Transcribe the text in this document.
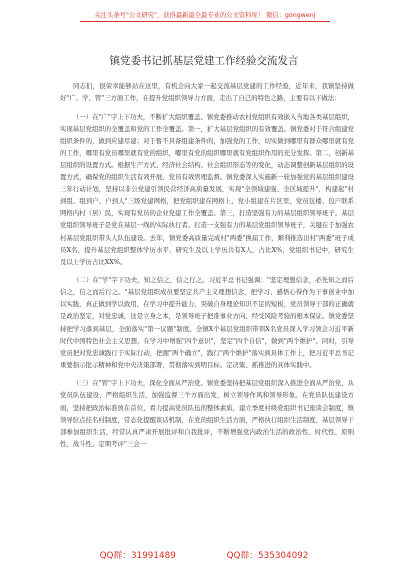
关注头条号"公文研究"，获得最新最全最专业的公文资料库！ 微信：gongwenj
镇党委书记抓基层党建工作经验交流发言

同志们，很荣幸能够站在这里，有机会向大家一起交流基层党建的工作经验，近年来，我镇坚持做好"广、学、管"三方面工作，在提升党组织领导力方面，走出了自己的特色之路，主要有以下做法：

（一）在"广"字上下功夫，不断扩大组织覆盖。镇党委推动农村党组织有效嵌入当地各类基层组织，实现基层党组织的全覆盖和党的工作全覆盖。第一，扩大基层党组织的有效覆盖。镇党委对于符合组建党组织条件的，做到应建尽建；对于暂不具备组建条件的，加强党的工作，切实做到哪里有群众哪里就有党的工作，哪里有党员哪里就有党的组织，哪里有党的组织哪里就有党组织作用的充分发挥。第二，创新基层组织的设置方式。根据生产方式、经济社会结构、社会组织形态等的变化，动态调整创新基层组织的设置方式，确保党的组织生活有效开展、党员有效管理监督。镇党委深入实施新一轮加强党的基层组织建设三年行动计划，坚持以非公党建引领民营经济高质量发展，实现"全领域建强、全区域提升"，构建起"村到组、组到户、户到人"三级党建网格，把党组织建在网格上、党小组建在片区里，党员包楼、包户联系网格内村（居）民，实现有党员的企业党建工作全覆盖。第三，打造坚强有力的基层组织领导班子。基层党组织领导班子是党在基层一线的实际执行者。打造一支强有力的基层党组织领导班子，关键在于加强农村基层党组织带头人队伍建设。去年，镇党委高质量完成村"两委"换届工作，顺利推选出村"两委"班子成员X名，提升基层党组织整体学历水平，研究生及以上学历共有X人，占比X%，党组织书记中，研究生及以上学历占比XX%。

（二）在"学"字下功夫，知之信之，信之行之。习近平总书记强调："坚定理想信念，必先知之而后信之，信之而后行之。"基层党组织成员要坚定共产主义理想信念，把学习、感悟心得作为干事创业中加以实践，真正做到学以致用，在学习中提升能力，突破自身理论知识不足的短板，党员领导干部的正确就是政治坚定，对党忠诚，这是立身之本，是领导班子把准事业方向、经受风险考验的根本保证。镇党委坚持把学习落到基层，全面落实"第一议题"制度。全镇X个基层党组织带领X名党员深入学习领会习近平新时代中国特色社会主义思想，在学习中增强"四个意识"，坚定"四个自信"，做到"两个维护"。同时，引导党员把对党忠诚践行于实际行动，把握"两个确立"，践行"两个维护"落实到具体工作上，把习近平总书记重要指示批示精神和党中央决策部署，贯彻落实到明目标、定决策、抓推进的具体实践中。

（三）在"管"字上下功夫，深化全面从严治党。镇党委坚持把基层党组织深入推进全面从严治党，从党员队伍建设、严格组织生活，加强监督三个方面出发，树立领导作风和领导形象。在党员队伍建设方面，坚持把政治标准放在首位，看力提高党员队伍的整体素质，建立季度村级党组织书记座谈会制度，镇领导驻点挂名村制度，常态化提醒谈话机制，在党的组织生活方面，严格执行组织生活制度，基层领导干部参加组织生活，经常认真严肃开展批评和自我批评，不断增强党内政治生活的政治性、时代性、原则性、战斗性。定期考评"三会一

QQ群：31991489	QQ群：535304092
